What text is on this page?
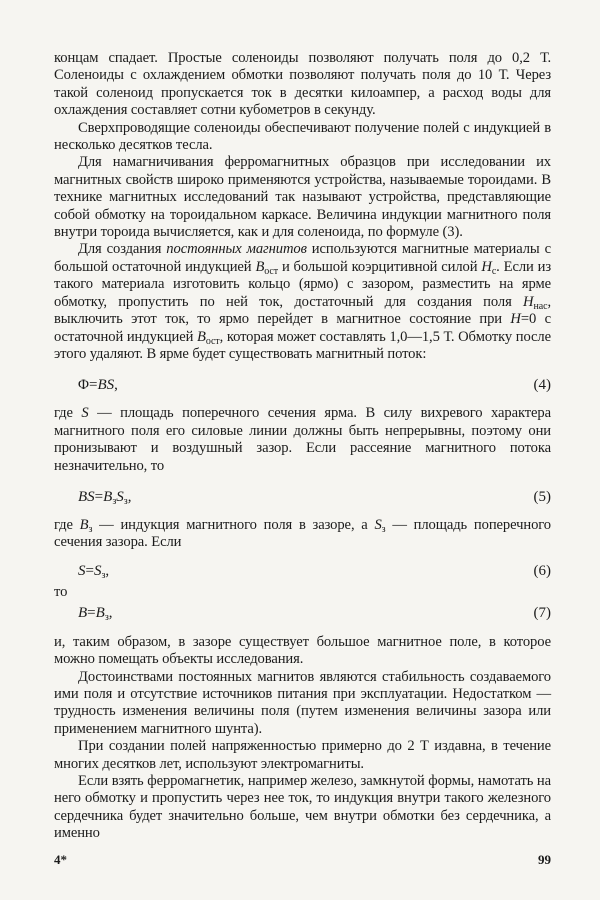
концам спадает. Простые соленоиды позволяют получать поля до 0,2 Т. Соленоиды с охлаждением обмотки позволяют получать поля до 10 Т. Через такой соленоид пропускается ток в десятки килоампер, а расход воды для охлаждения составляет сотни кубометров в секунду.

Сверхпроводящие соленоиды обеспечивают получение полей с индукцией в несколько десятков тесла.

Для намагничивания ферромагнитных образцов при исследовании их магнитных свойств широко применяются устройства, называемые тороидами. В технике магнитных исследований так называют устройства, представляющие собой обмотку на тороидальном каркасе. Величина индукции магнитного поля внутри тороида вычисляется, как и для соленоида, по формуле (3).

Для создания постоянных магнитов используются магнитные материалы с большой остаточной индукцией $B_{ост}$ и большой коэрцитивной силой $H_c$. Если из такого материала изготовить кольцо (ярмо) с зазором, разместить на ярме обмотку, пропустить по ней ток, достаточный для создания поля $H_{нас}$, выключить этот ток, то ярмо перейдет в магнитное состояние при H=0 с остаточной индукцией $B_{ост}$, которая может составлять 1,0—1,5 Т. Обмотку после этого удаляют. В ярме будет существовать магнитный поток:

Φ=BS,	(4)

где S — площадь поперечного сечения ярма. В силу вихревого характера магнитного поля его силовые линии должны быть непрерывны, поэтому они пронизывают и воздушный зазор. Если рассеяние магнитного потока незначительно, то

$BS=B_зS_з$,	(5)

где $B_з$ — индукция магнитного поля в зазоре, а $S_з$ — площадь поперечного сечения зазора. Если

$S=S_з$,	(6)

то

$B=B_з$,	(7)

и, таким образом, в зазоре существует большое магнитное поле, в которое можно помещать объекты исследования.

Достоинствами постоянных магнитов являются стабильность создаваемого ими поля и отсутствие источников питания при эксплуатации. Недостатком — трудность изменения величины поля (путем изменения величины зазора или применением магнитного шунта).

При создании полей напряженностью примерно до 2 Т издавна, в течение многих десятков лет, используют электромагниты.

Если взять ферромагнетик, например железо, замкнутой формы, намотать на него обмотку и пропустить через нее ток, то индукция внутри такого железного сердечника будет значительно больше, чем внутри обмотки без сердечника, а именно

4*	99
